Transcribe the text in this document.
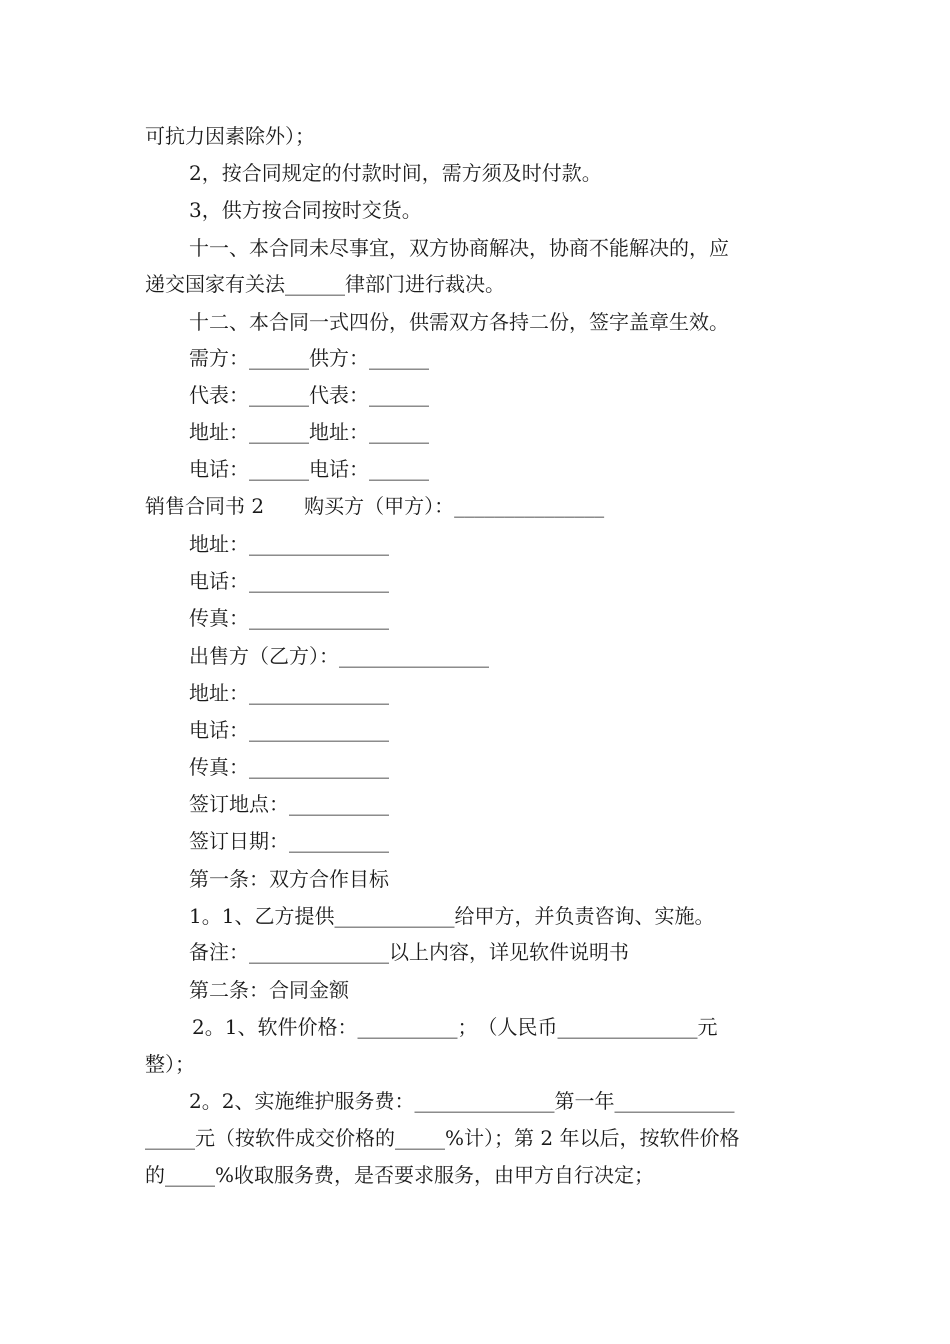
可抗力因素除外）；
2，按合同规定的付款时间，需方须及时付款。
3，供方按合同按时交货。
十一、本合同未尽事宜，双方协商解决，协商不能解决的，应
递交国家有关法______律部门进行裁决。
十二、本合同一式四份，供需双方各持二份，签字盖章生效。
需方：______供方：______
代表：______代表：______
地址：______地址：______
电话：______电话：______
销售合同书 2　　购买方（甲方）：_______________
地址：______________
电话：______________
传真：______________
出售方（乙方）：_______________
地址：______________
电话：______________
传真：______________
签订地点：__________
签订日期：__________
第一条：双方合作目标
1。1、乙方提供____________给甲方，并负责咨询、实施。
备注：______________以上内容，详见软件说明书
第二条：合同金额
2。1、软件价格：__________；　（人民币______________元
整）；
2。2、实施维护服务费：______________第一年____________
_____元（按软件成交价格的_____%计）；第 2 年以后，按软件价格
的_____%收取服务费，是否要求服务，由甲方自行决定；
